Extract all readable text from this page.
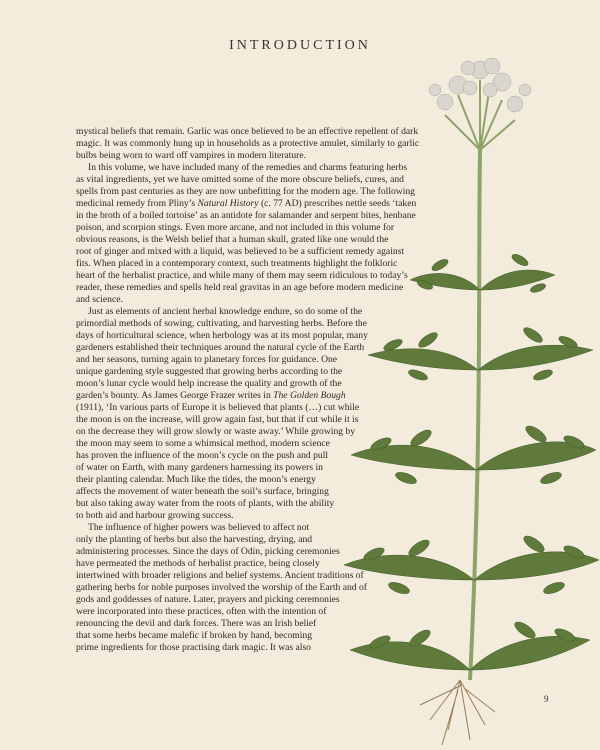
INTRODUCTION
mystical beliefs that remain. Garlic was once believed to be an effective repellent of dark
magic. It was commonly hung up in households as a protective amulet, similarly to garlic
bulbs being worn to ward off vampires in modern literature.
In this volume, we have included many of the remedies and charms featuring herbs
as vital ingredients, yet we have omitted some of the more obscure beliefs, cures, and
spells from past centuries as they are now unbefitting for the modern age. The following
medicinal remedy from Pliny’s Natural History (c. 77 AD) prescribes nettle seeds ‘taken
in the broth of a boiled tortoise’ as an antidote for salamander and serpent bites, henbane
poison, and scorpion stings. Even more arcane, and not included in this volume for
obvious reasons, is the Welsh belief that a human skull, grated like one would the
root of ginger and mixed with a liquid, was believed to be a sufficient remedy against
fits. When placed in a contemporary context, such treatments highlight the folkloric
heart of the herbalist practice, and while many of them may seem ridiculous to today’s
reader, these remedies and spells held real gravitas in an age before modern medicine
and science.
Just as elements of ancient herbal knowledge endure, so do some of the
primordial methods of sowing, cultivating, and harvesting herbs. Before the
days of horticultural science, when herbology was at its most popular, many
gardeners established their techniques around the natural cycle of the Earth
and her seasons, turning again to planetary forces for guidance. One
unique gardening style suggested that growing herbs according to the
moon’s lunar cycle would help increase the quality and growth of the
garden’s bounty. As James George Frazer writes in The Golden Bough
(1911), ‘In various parts of Europe it is believed that plants (…) cut while
the moon is on the increase, will grow again fast, but that if cut while it is
on the decrease they will grow slowly or waste away.’ While growing by
the moon may seem to some a whimsical method, modern science
has proven the influence of the moon’s cycle on the push and pull
of water on Earth, with many gardeners harnessing its powers in
their planting calendar. Much like the tides, the moon’s energy
affects the movement of water beneath the soil’s surface, bringing
but also taking away water from the roots of plants, with the ability
to both aid and harbour growing success.
The influence of higher powers was believed to affect not
only the planting of herbs but also the harvesting, drying, and
administering processes. Since the days of Odin, picking ceremonies
have permeated the methods of herbalist practice, being closely
intertwined with broader religions and belief systems. Ancient traditions of
gathering herbs for noble purposes involved the worship of the Earth and of
gods and goddesses of nature. Later, prayers and picking ceremonies
were incorporated into these practices, often with the intention of
renouncing the devil and dark forces. There was an Irish belief
that some herbs became malefic if broken by hand, becoming
prime ingredients for those practising dark magic. It was also
9
